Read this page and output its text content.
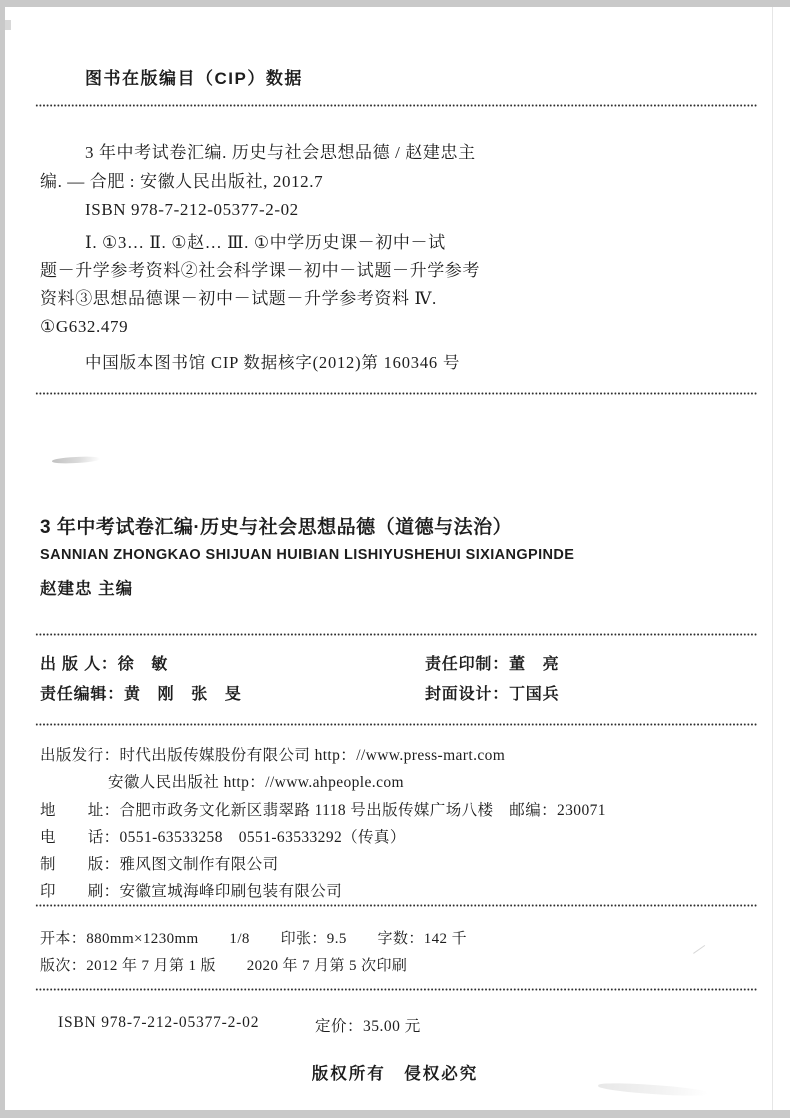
图书在版编目（CIP）数据
3 年中考试卷汇编. 历史与社会思想品德 / 赵建忠主
编. — 合肥 : 安徽人民出版社, 2012.7
ISBN 978-7-212-05377-2-02
Ⅰ. ①3… Ⅱ. ①赵… Ⅲ. ①中学历史课－初中－试
题－升学参考资料②社会科学课－初中－试题－升学参考
资料③思想品德课－初中－试题－升学参考资料 Ⅳ.
①G632.479
中国版本图书馆 CIP 数据核字(2012)第 160346 号
3 年中考试卷汇编·历史与社会思想品德（道德与法治）
SANNIAN ZHONGKAO SHIJUAN HUIBIAN LISHIYUSHEHUI SIXIANGPINDE
赵建忠 主编
出 版 人：徐　敏
责任编辑：黄　刚　张　旻
责任印制：董　亮
封面设计：丁国兵
出版发行：时代出版传媒股份有限公司 http：//www.press-mart.com
安徽人民出版社 http：//www.ahpeople.com
地　　址：合肥市政务文化新区翡翠路 1118 号出版传媒广场八楼　邮编：230071
电　　话：0551-63533258　0551-63533292（传真）
制　　版：雅风图文制作有限公司
印　　刷：安徽宣城海峰印刷包装有限公司
开本：880mm×1230mm　　1/8　　印张：9.5　　字数：142 千
版次：2012 年 7 月第 1 版　　2020 年 7 月第 5 次印刷
ISBN 978-7-212-05377-2-02	定价：35.00 元
版权所有　侵权必究
